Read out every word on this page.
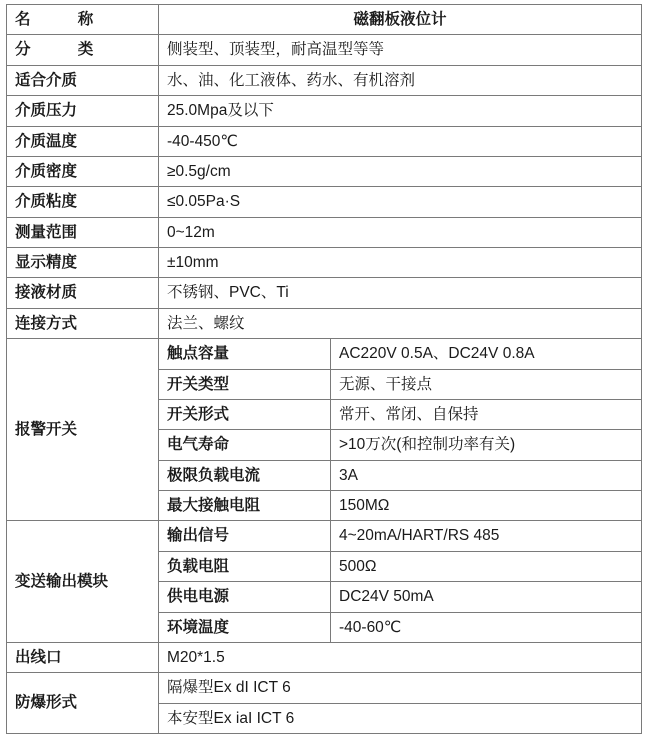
名　　称	磁翻板液位计	
分　　类	侧装型、顶装型，耐高温型等等	
适合介质	水、油、化工液体、药水、有机溶剂	
介质压力	25.0Mpa及以下	
介质温度	-40-450℃	
介质密度	≥0.5g/cm	
介质粘度	≤0.05Pa·S	
测量范围	0~12m	
显示精度	±10mm	
接液材质	不锈钢、PVC、Ti	
连接方式	法兰、螺纹	
报警开关	触点容量	AC220V 0.5A、DC24V 0.8A
	开关类型	无源、干接点
	开关形式	常开、常闭、自保持
	电气寿命	>10万次(和控制功率有关)
	极限负载电流	3A
	最大接触电阻	150MΩ
变送输出模块	输出信号	4~20mA/HART/RS 485
	负载电阻	500Ω
	供电电源	DC24V 50mA
	环境温度	-40-60℃
出线口	M20*1.5	
防爆形式	隔爆型Ex dI ICT 6	
	本安型Ex iaI ICT 6	
